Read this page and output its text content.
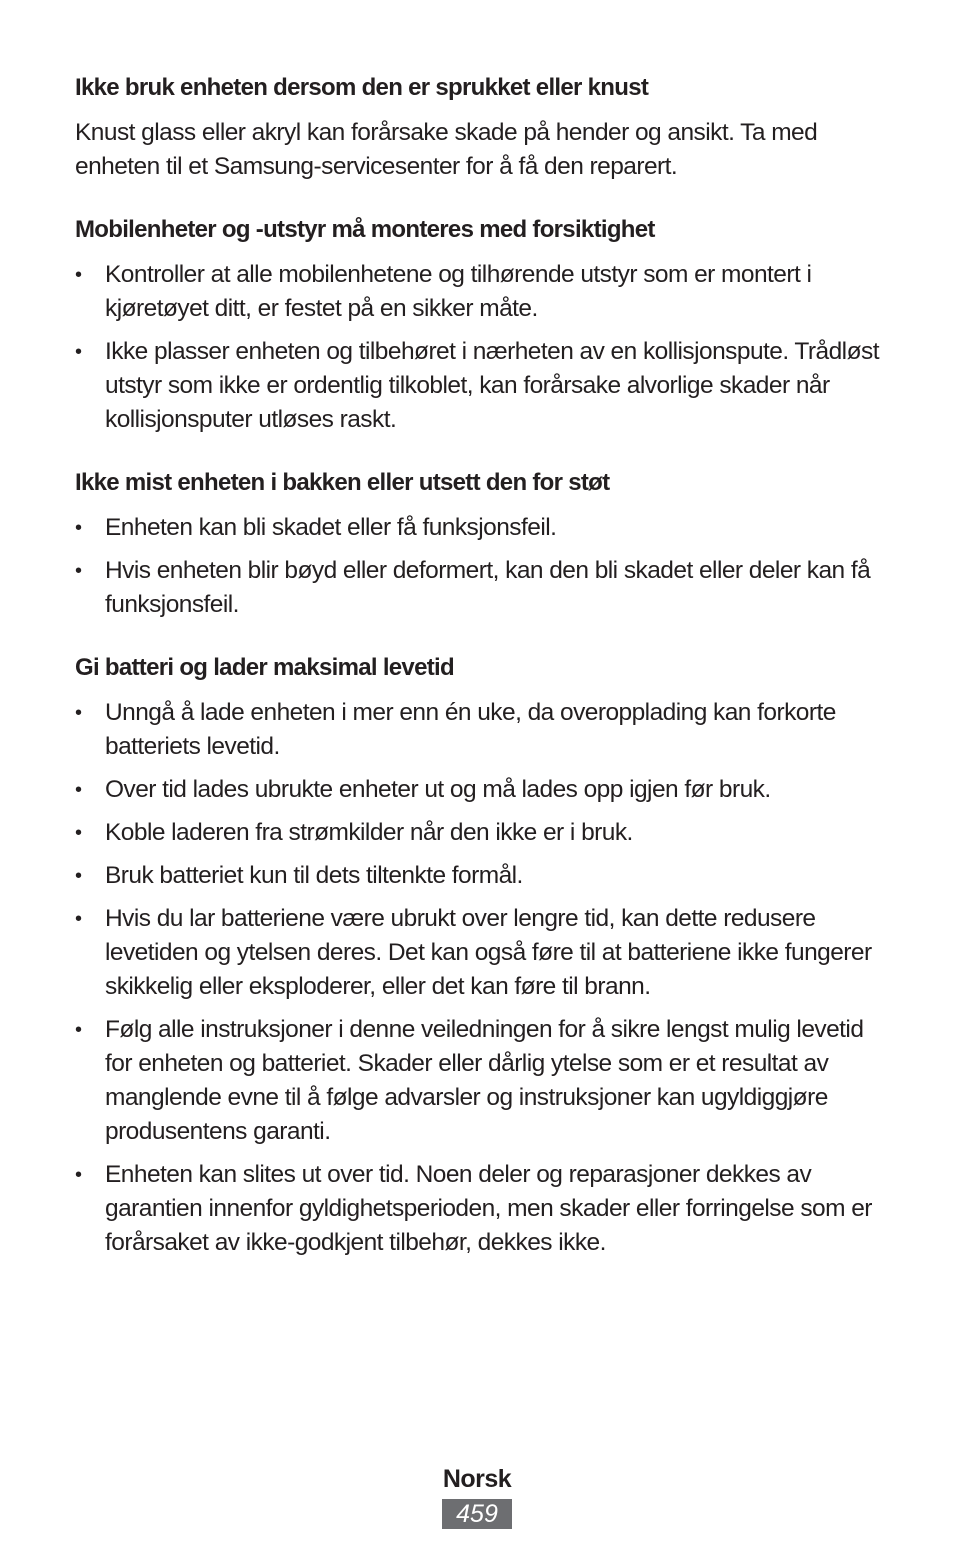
Ikke bruk enheten dersom den er sprukket eller knust

Knust glass eller akryl kan forårsake skade på hender og ansikt. Ta med enheten til et Samsung-servicesenter for å få den reparert.

Mobilenheter og -utstyr må monteres med forsiktighet
• Kontroller at alle mobilenhetene og tilhørende utstyr som er montert i kjøretøyet ditt, er festet på en sikker måte.
• Ikke plasser enheten og tilbehøret i nærheten av en kollisjonspute. Trådløst utstyr som ikke er ordentlig tilkoblet, kan forårsake alvorlige skader når kollisjonsputer utløses raskt.
Ikke mist enheten i bakken eller utsett den for støt
• Enheten kan bli skadet eller få funksjonsfeil.
• Hvis enheten blir bøyd eller deformert, kan den bli skadet eller deler kan få funksjonsfeil.
Gi batteri og lader maksimal levetid
• Unngå å lade enheten i mer enn én uke, da overopplading kan forkorte batteriets levetid.
• Over tid lades ubrukte enheter ut og må lades opp igjen før bruk.
• Koble laderen fra strømkilder når den ikke er i bruk.
• Bruk batteriet kun til dets tiltenkte formål.
• Hvis du lar batteriene være ubrukt over lengre tid, kan dette redusere levetiden og ytelsen deres. Det kan også føre til at batteriene ikke fungerer skikkelig eller eksploderer, eller det kan føre til brann.
• Følg alle instruksjoner i denne veiledningen for å sikre lengst mulig levetid for enheten og batteriet. Skader eller dårlig ytelse som er et resultat av manglende evne til å følge advarsler og instruksjoner kan ugyldiggjøre produsentens garanti.
• Enheten kan slites ut over tid. Noen deler og reparasjoner dekkes av garantien innenfor gyldighetsperioden, men skader eller forringelse som er forårsaket av ikke-godkjent tilbehør, dekkes ikke.
Norsk
459
